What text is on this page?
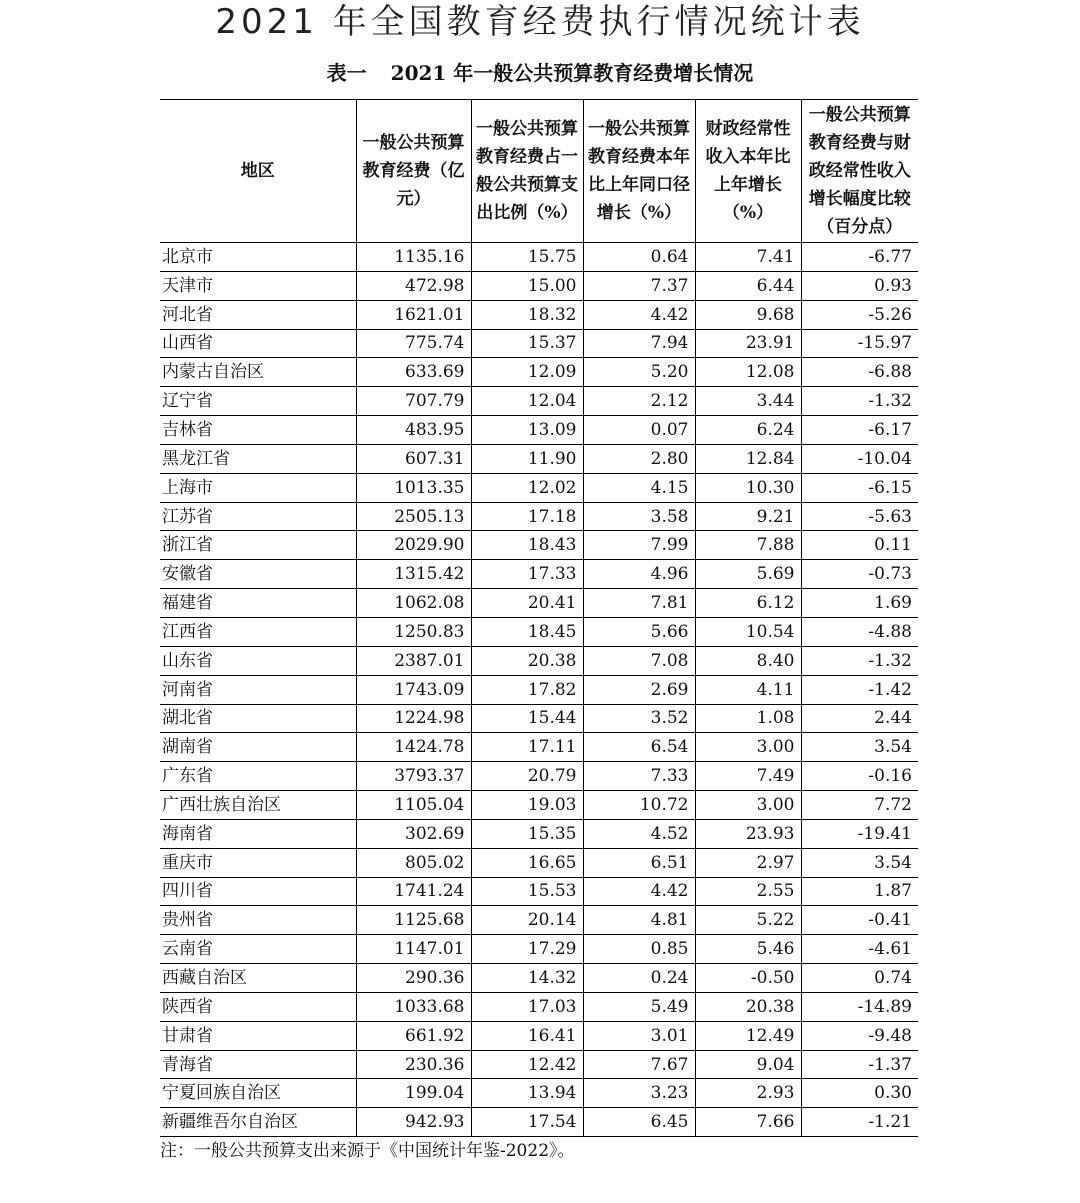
2021 年全国教育经费执行情况统计表
表一 2021 年一般公共预算教育经费增长情况
地区	一般公共预算教育经费（亿元）	一般公共预算教育经费占一般公共预算支出比例（%）	一般公共预算教育经费本年比上年同口径增长（%）	财政经常性收入本年比上年增长（%）	一般公共预算教育经费与财政经常性收入增长幅度比较（百分点）
北京市	1135.16	15.75	0.64	7.41	-6.77
天津市	472.98	15.00	7.37	6.44	0.93
河北省	1621.01	18.32	4.42	9.68	-5.26
山西省	775.74	15.37	7.94	23.91	-15.97
内蒙古自治区	633.69	12.09	5.20	12.08	-6.88
辽宁省	707.79	12.04	2.12	3.44	-1.32
吉林省	483.95	13.09	0.07	6.24	-6.17
黑龙江省	607.31	11.90	2.80	12.84	-10.04
上海市	1013.35	12.02	4.15	10.30	-6.15
江苏省	2505.13	17.18	3.58	9.21	-5.63
浙江省	2029.90	18.43	7.99	7.88	0.11
安徽省	1315.42	17.33	4.96	5.69	-0.73
福建省	1062.08	20.41	7.81	6.12	1.69
江西省	1250.83	18.45	5.66	10.54	-4.88
山东省	2387.01	20.38	7.08	8.40	-1.32
河南省	1743.09	17.82	2.69	4.11	-1.42
湖北省	1224.98	15.44	3.52	1.08	2.44
湖南省	1424.78	17.11	6.54	3.00	3.54
广东省	3793.37	20.79	7.33	7.49	-0.16
广西壮族自治区	1105.04	19.03	10.72	3.00	7.72
海南省	302.69	15.35	4.52	23.93	-19.41
重庆市	805.02	16.65	6.51	2.97	3.54
四川省	1741.24	15.53	4.42	2.55	1.87
贵州省	1125.68	20.14	4.81	5.22	-0.41
云南省	1147.01	17.29	0.85	5.46	-4.61
西藏自治区	290.36	14.32	0.24	-0.50	0.74
陕西省	1033.68	17.03	5.49	20.38	-14.89
甘肃省	661.92	16.41	3.01	12.49	-9.48
青海省	230.36	12.42	7.67	9.04	-1.37
宁夏回族自治区	199.04	13.94	3.23	2.93	0.30
新疆维吾尔自治区	942.93	17.54	6.45	7.66	-1.21
注：一般公共预算支出来源于《中国统计年鉴-2022》。
